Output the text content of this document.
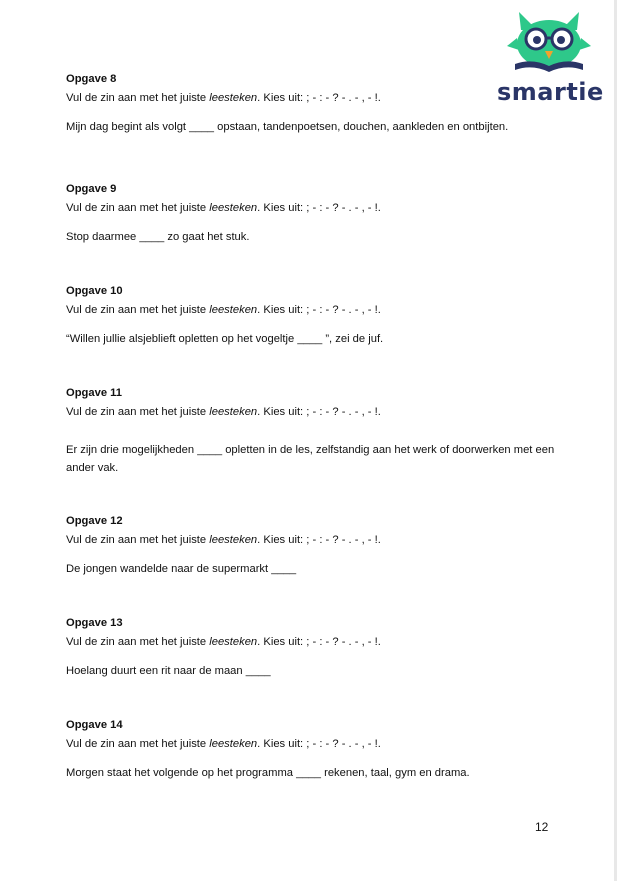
smartie
Opgave 8
Vul de zin aan met het juiste leesteken. Kies uit: ; - : - ? - . - , - !.
Mijn dag begint als volgt ____ opstaan, tandenpoetsen, douchen, aankleden en ontbijten.
Opgave 9
Vul de zin aan met het juiste leesteken. Kies uit: ; - : - ? - . - , - !.
Stop daarmee ____ zo gaat het stuk.
Opgave 10
Vul de zin aan met het juiste leesteken. Kies uit: ; - : - ? - . - , - !.
“Willen jullie alsjeblieft opletten op het vogeltje ____ ”, zei de juf.
Opgave 11
Vul de zin aan met het juiste leesteken. Kies uit: ; - : - ? - . - , - !.
Er zijn drie mogelijkheden ____ opletten in de les, zelfstandig aan het werk of doorwerken met een ander vak.
Opgave 12
Vul de zin aan met het juiste leesteken. Kies uit: ; - : - ? - . - , - !.
De jongen wandelde naar de supermarkt ____
Opgave 13
Vul de zin aan met het juiste leesteken. Kies uit: ; - : - ? - . - , - !.
Hoelang duurt een rit naar de maan ____
Opgave 14
Vul de zin aan met het juiste leesteken. Kies uit: ; - : - ? - . - , - !.
Morgen staat het volgende op het programma ____ rekenen, taal, gym en drama.
12
